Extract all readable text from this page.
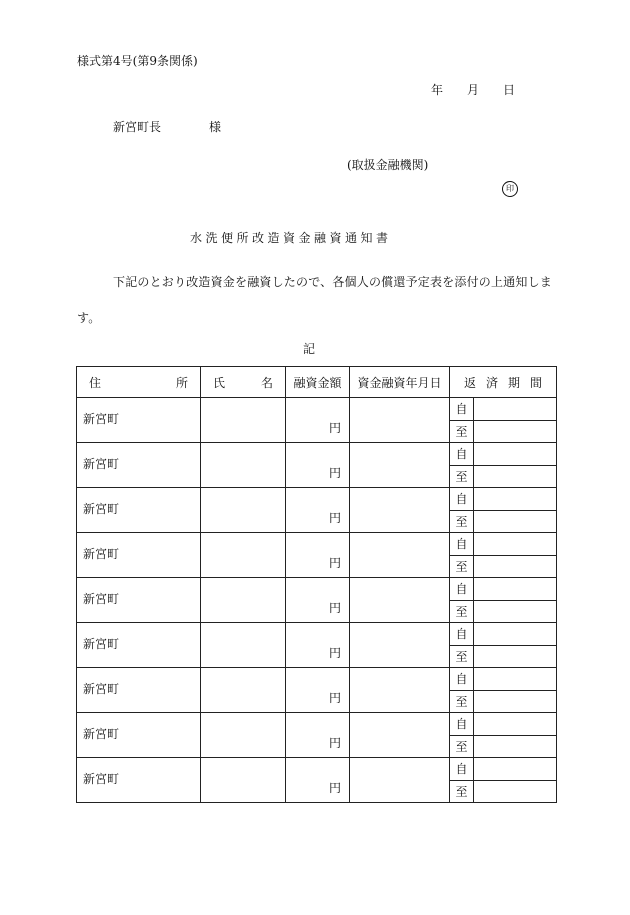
様式第4号(第9条関係)
年 月 日
新宮町長	様
(取扱金融機関)
印
水洗便所改造資金融資通知書
下記のとおり改造資金を融資したので、各個人の償還予定表を添付の上通知します。
記
住 所	氏 名	融資金額	資金融資年月日	返 済 期 間	

新宮町		円		自	
				至	
新宮町		円		自	
				至	
新宮町		円		自	
				至	
新宮町		円		自	
				至	
新宮町		円		自	
				至	
新宮町		円		自	
				至	
新宮町		円		自	
				至	
新宮町		円		自	
				至	
新宮町		円		自	
				至	
